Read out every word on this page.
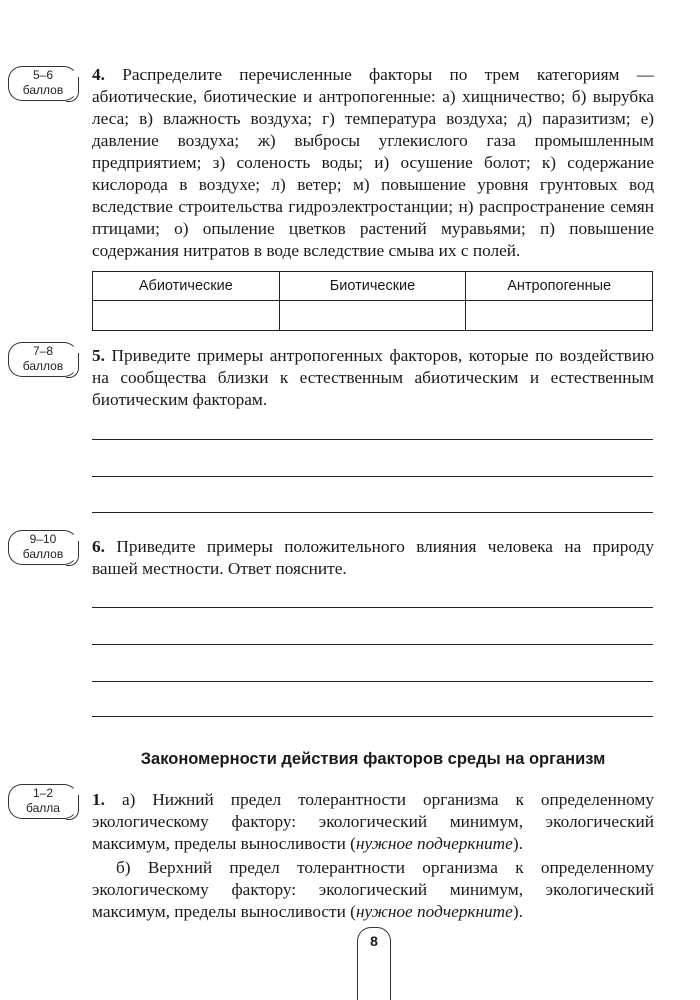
5–6
баллов
7–8
баллов
9–10
баллов
1–2
балла
4. Распределите перечисленные факторы по трем категориям — абиотические, биотические и антропогенные: а) хищничество; б) вырубка леса; в) влажность воздуха; г) температура воздуха; д) паразитизм; е) давление воздуха; ж) выбросы углекислого газа промышленным предприятием; з) соленость воды; и) осушение болот; к) содержание кислорода в воздухе; л) ветер; м) повышение уровня грунтовых вод вследствие строительства гидроэлектростанции; н) распространение семян птицами; о) опыление цветков растений муравьями; п) повышение содержания нитратов в воде вследствие смыва их с полей.
Абиотические	Биотические	Антропогенные

5. Приведите примеры антропогенных факторов, которые по воздействию на сообщества близки к естественным абиотическим и естественным биотическим факторам.
6. Приведите примеры положительного влияния человека на природу вашей местности. Ответ поясните.
Закономерности действия факторов среды на организм
1. а) Нижний предел толерантности организма к определенному экологическому фактору: экологический минимум, экологический максимум, пределы выносливости (нужное подчеркните).
б) Верхний предел толерантности организма к определенному экологическому фактору: экологический минимум, экологический максимум, пределы выносливости (нужное подчеркните).
8
